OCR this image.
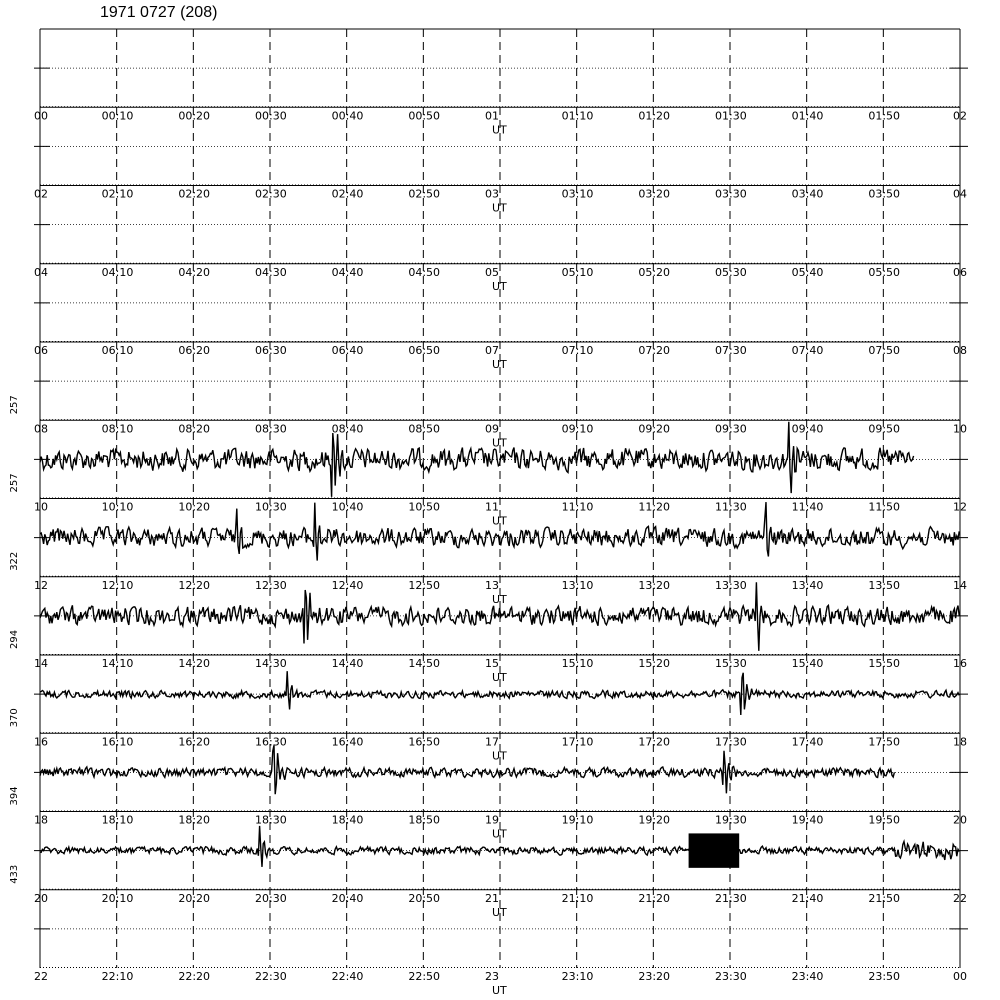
1971 0727 (208)
00	00:10	00:20	00:30	00:40	00:50	01	01:10	01:20	01:30	01:40	01:50	02
UT
02	02:10	02:20	02:30	02:40	02:50	03	03:10	03:20	03:30	03:40	03:50	04
UT
04	04:10	04:20	04:30	04:40	04:50	05	05:10	05:20	05:30	05:40	05:50	06
UT
06	06:10	06:20	06:30	06:40	06:50	07	07:10	07:20	07:30	07:40	07:50	08
UT
08	08:10	08:20	08:30	08:40	08:50	09	09:10	09:20	09:30	09:40	09:50	10
UT
10	10:10	10:20	10:30	10:40	10:50	11	11:10	11:20	11:30	11:40	11:50	12
UT
12	12:10	12:20	12:30	12:40	12:50	13	13:10	13:20	13:30	13:40	13:50	14
UT
14	14:10	14:20	14:30	14:40	14:50	15	15:10	15:20	15:30	15:40	15:50	16
UT
16	16:10	16:20	16:30	16:40	16:50	17	17:10	17:20	17:30	17:40	17:50	18
UT
18	18:10	18:20	18:30	18:40	18:50	19	19:10	19:20	19:30	19:40	19:50	20
UT
20	20:10	20:20	20:30	20:40	20:50	21	21:10	21:20	21:30	21:40	21:50	22
UT
22	22:10	22:20	22:30	22:40	22:50	23	23:10	23:20	23:30	23:40	23:50	00
UT
257
257
322
294
370
394
433
